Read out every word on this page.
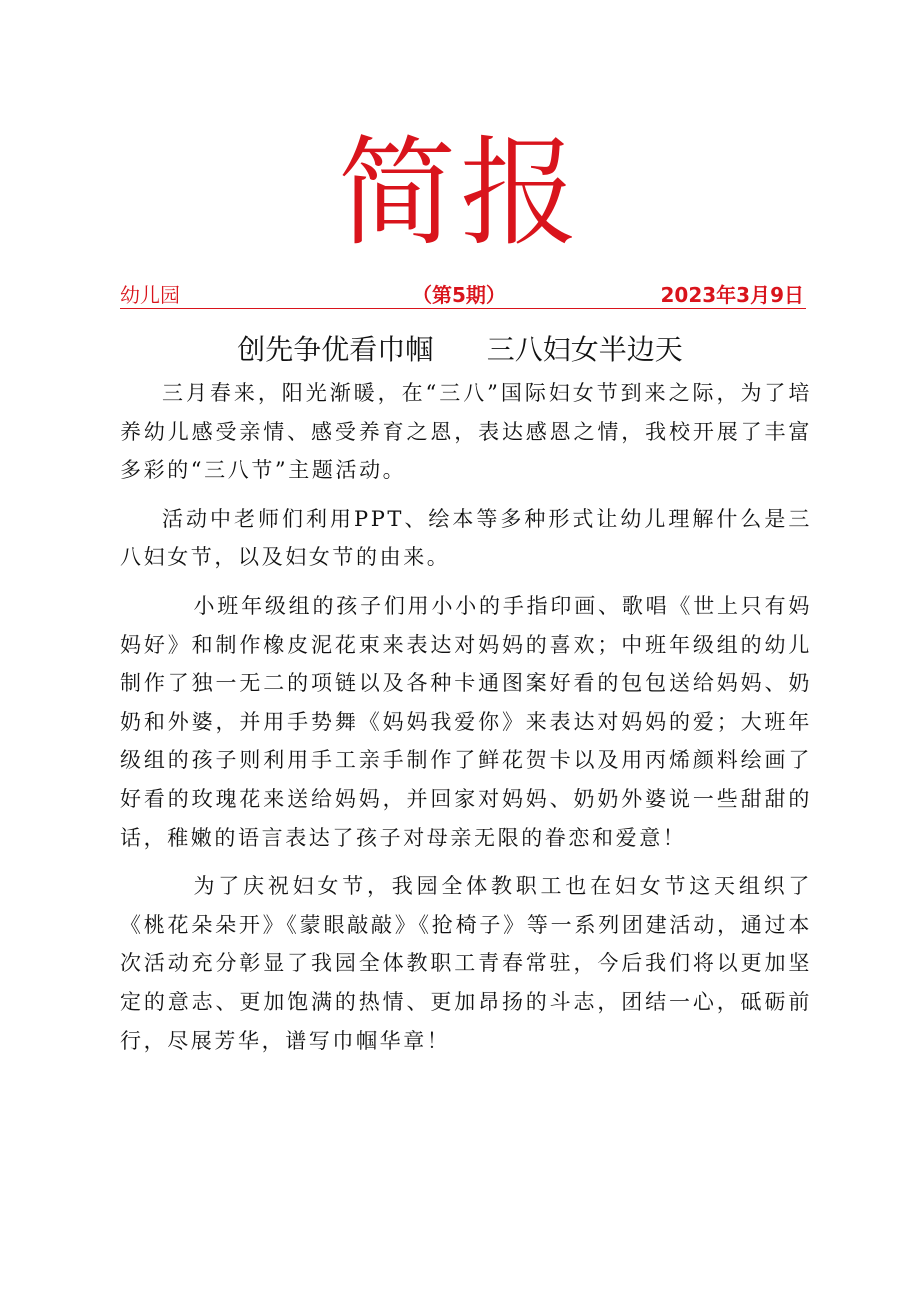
简报
幼儿园	（第5期）	2023年3月9日
创先争优看巾帼      三八妇女半边天

三月春来，阳光渐暖，在“三八”国际妇女节到来之际，为了培养幼儿感受亲情、感受养育之恩，表达感恩之情，我校开展了丰富多彩的“三八节”主题活动。

活动中老师们利用PPT、绘本等多种形式让幼儿理解什么是三八妇女节，以及妇女节的由来。

小班年级组的孩子们用小小的手指印画、歌唱《世上只有妈妈好》和制作橡皮泥花束来表达对妈妈的喜欢；中班年级组的幼儿制作了独一无二的项链以及各种卡通图案好看的包包送给妈妈、奶奶和外婆，并用手势舞《妈妈我爱你》来表达对妈妈的爱；大班年级组的孩子则利用手工亲手制作了鲜花贺卡以及用丙烯颜料绘画了好看的玫瑰花来送给妈妈，并回家对妈妈、奶奶外婆说一些甜甜的话，稚嫩的语言表达了孩子对母亲无限的眷恋和爱意！

为了庆祝妇女节，我园全体教职工也在妇女节这天组织了《桃花朵朵开》《蒙眼敲敲》《抢椅子》等一系列团建活动，通过本次活动充分彰显了我园全体教职工青春常驻，今后我们将以更加坚定的意志、更加饱满的热情、更加昂扬的斗志，团结一心，砥砺前行，尽展芳华，谱写巾帼华章！
